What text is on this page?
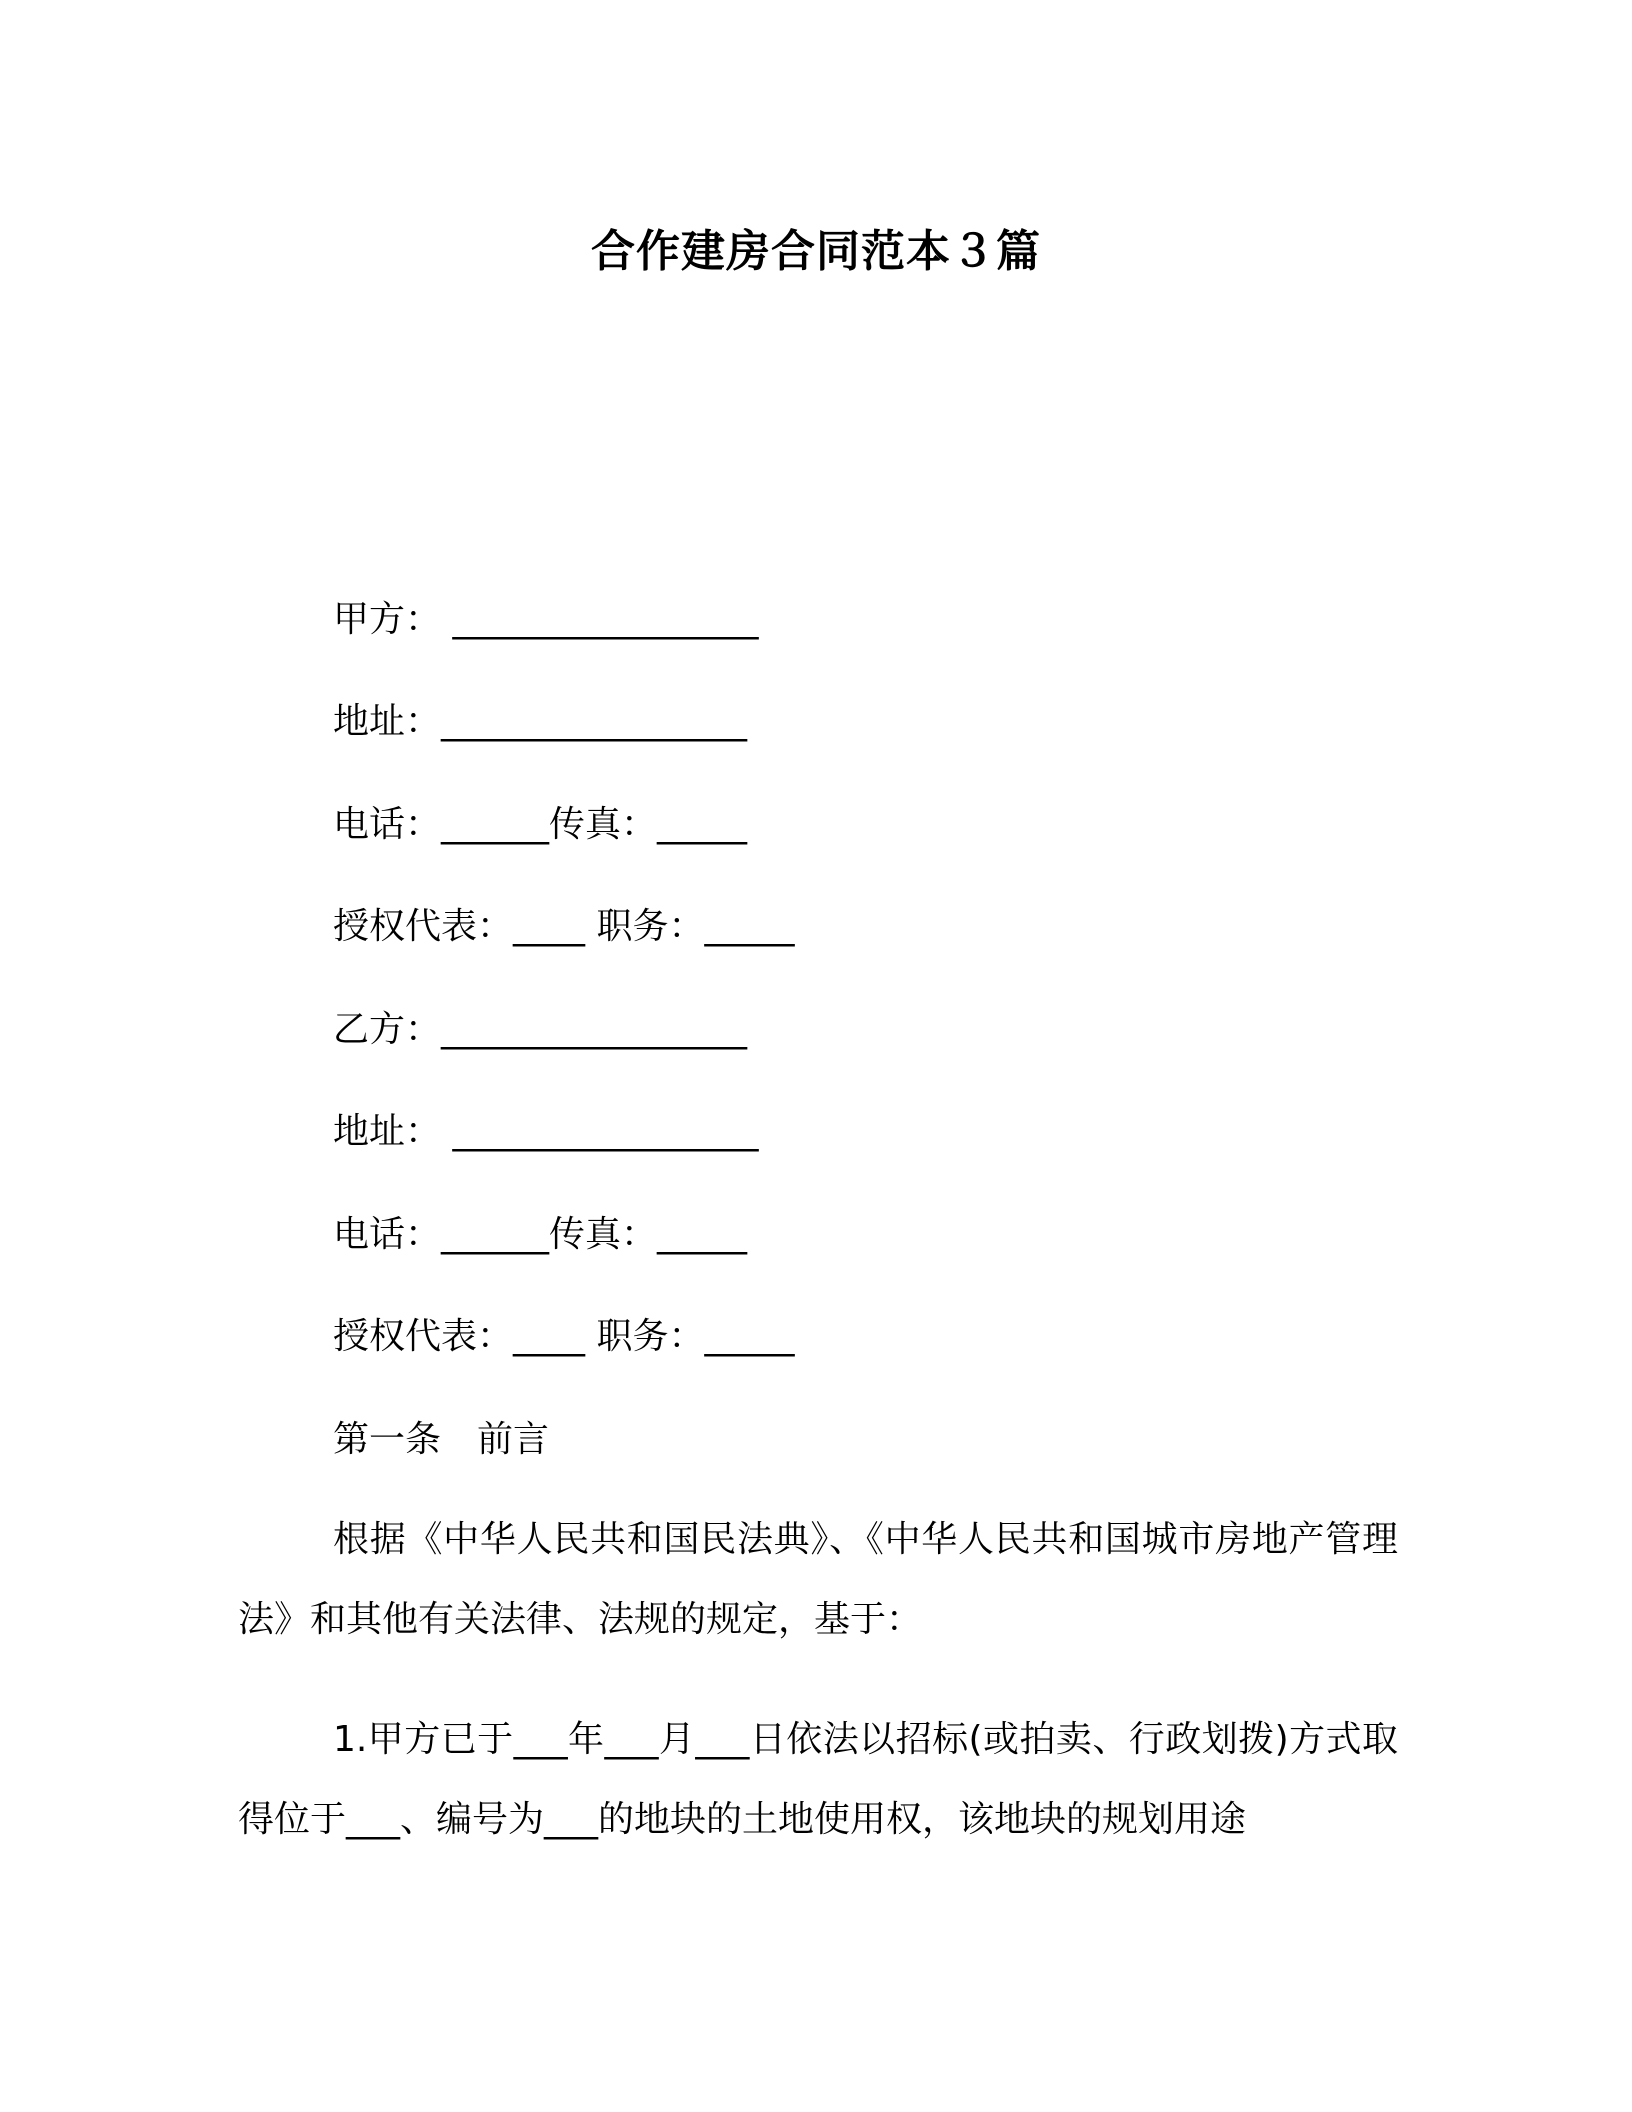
合作建房合同范本３篇
甲方： _________________
地址：_________________
电话：______传真：_____
授权代表：____ 职务：_____
乙方：_________________
地址： _________________
电话：______传真：_____
授权代表：____ 职务：_____
第一条　前言
根据《中华人民共和国民法典》、《中华人民共和国城市房地产管理法》和其他有关法律、法规的规定，基于：
1.甲方已于___年___月___日依法以招标(或拍卖、行政划拨)方式取得位于___、编号为___的地块的土地使用权，该地块的规划用途
